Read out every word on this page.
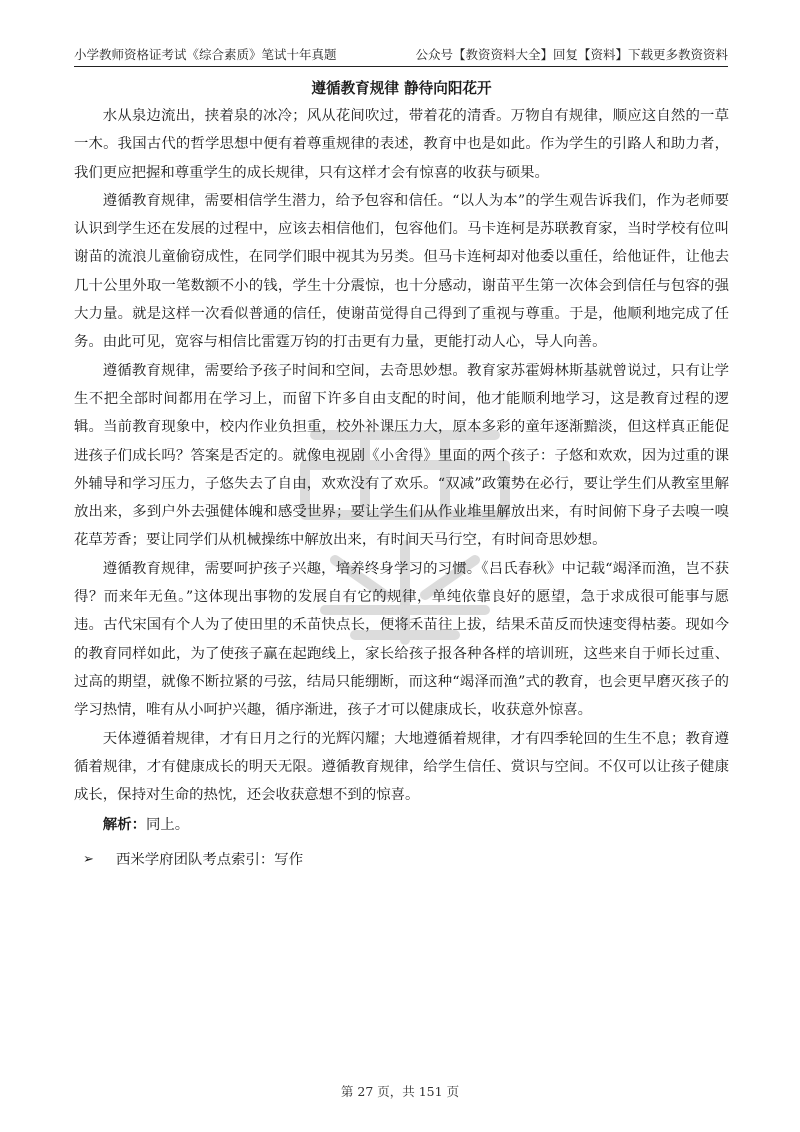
小学教师资格证考试《综合素质》笔试十年真题	公众号【教资资料大全】回复【资料】下载更多教资资料

遵循教育规律 静待向阳花开

水从泉边流出，挟着泉的冰冷；风从花间吹过，带着花的清香。万物自有规律，顺应这自然的一草一木。我国古代的哲学思想中便有着尊重规律的表述，教育中也是如此。作为学生的引路人和助力者，我们更应把握和尊重学生的成长规律，只有这样才会有惊喜的收获与硕果。

遵循教育规律，需要相信学生潜力，给予包容和信任。“以人为本”的学生观告诉我们，作为老师要认识到学生还在发展的过程中，应该去相信他们，包容他们。马卡连柯是苏联教育家，当时学校有位叫谢苗的流浪儿童偷窃成性，在同学们眼中视其为另类。但马卡连柯却对他委以重任，给他证件，让他去几十公里外取一笔数额不小的钱，学生十分震惊，也十分感动，谢苗平生第一次体会到信任与包容的强大力量。就是这样一次看似普通的信任，使谢苗觉得自己得到了重视与尊重。于是，他顺利地完成了任务。由此可见，宽容与相信比雷霆万钧的打击更有力量，更能打动人心，导人向善。

遵循教育规律，需要给予孩子时间和空间，去奇思妙想。教育家苏霍姆林斯基就曾说过，只有让学生不把全部时间都用在学习上，而留下许多自由支配的时间，他才能顺利地学习，这是教育过程的逻辑。当前教育现象中，校内作业负担重，校外补课压力大，原本多彩的童年逐渐黯淡，但这样真正能促进孩子们成长吗？答案是否定的。就像电视剧《小舍得》里面的两个孩子：子悠和欢欢，因为过重的课外辅导和学习压力，子悠失去了自由，欢欢没有了欢乐。“双减”政策势在必行，要让学生们从教室里解放出来，多到户外去强健体魄和感受世界；要让学生们从作业堆里解放出来，有时间俯下身子去嗅一嗅花草芳香；要让同学们从机械操练中解放出来，有时间天马行空，有时间奇思妙想。

遵循教育规律，需要呵护孩子兴趣，培养终身学习的习惯。《吕氏春秋》中记载“竭泽而渔，岂不获得？而来年无鱼。”这体现出事物的发展自有它的规律，单纯依靠良好的愿望，急于求成很可能事与愿违。古代宋国有个人为了使田里的禾苗快点长，便将禾苗往上拔，结果禾苗反而快速变得枯萎。现如今的教育同样如此，为了使孩子赢在起跑线上，家长给孩子报各种各样的培训班，这些来自于师长过重、过高的期望，就像不断拉紧的弓弦，结局只能绷断，而这种“竭泽而渔”式的教育，也会更早磨灭孩子的学习热情，唯有从小呵护兴趣，循序渐进，孩子才可以健康成长，收获意外惊喜。

天体遵循着规律，才有日月之行的光辉闪耀；大地遵循着规律，才有四季轮回的生生不息；教育遵循着规律，才有健康成长的明天无限。遵循教育规律，给学生信任、赏识与空间。不仅可以让孩子健康成长，保持对生命的热忱，还会收获意想不到的惊喜。

解析：同上。

➢ 西米学府团队考点索引：写作

第 27 页，共 151 页
